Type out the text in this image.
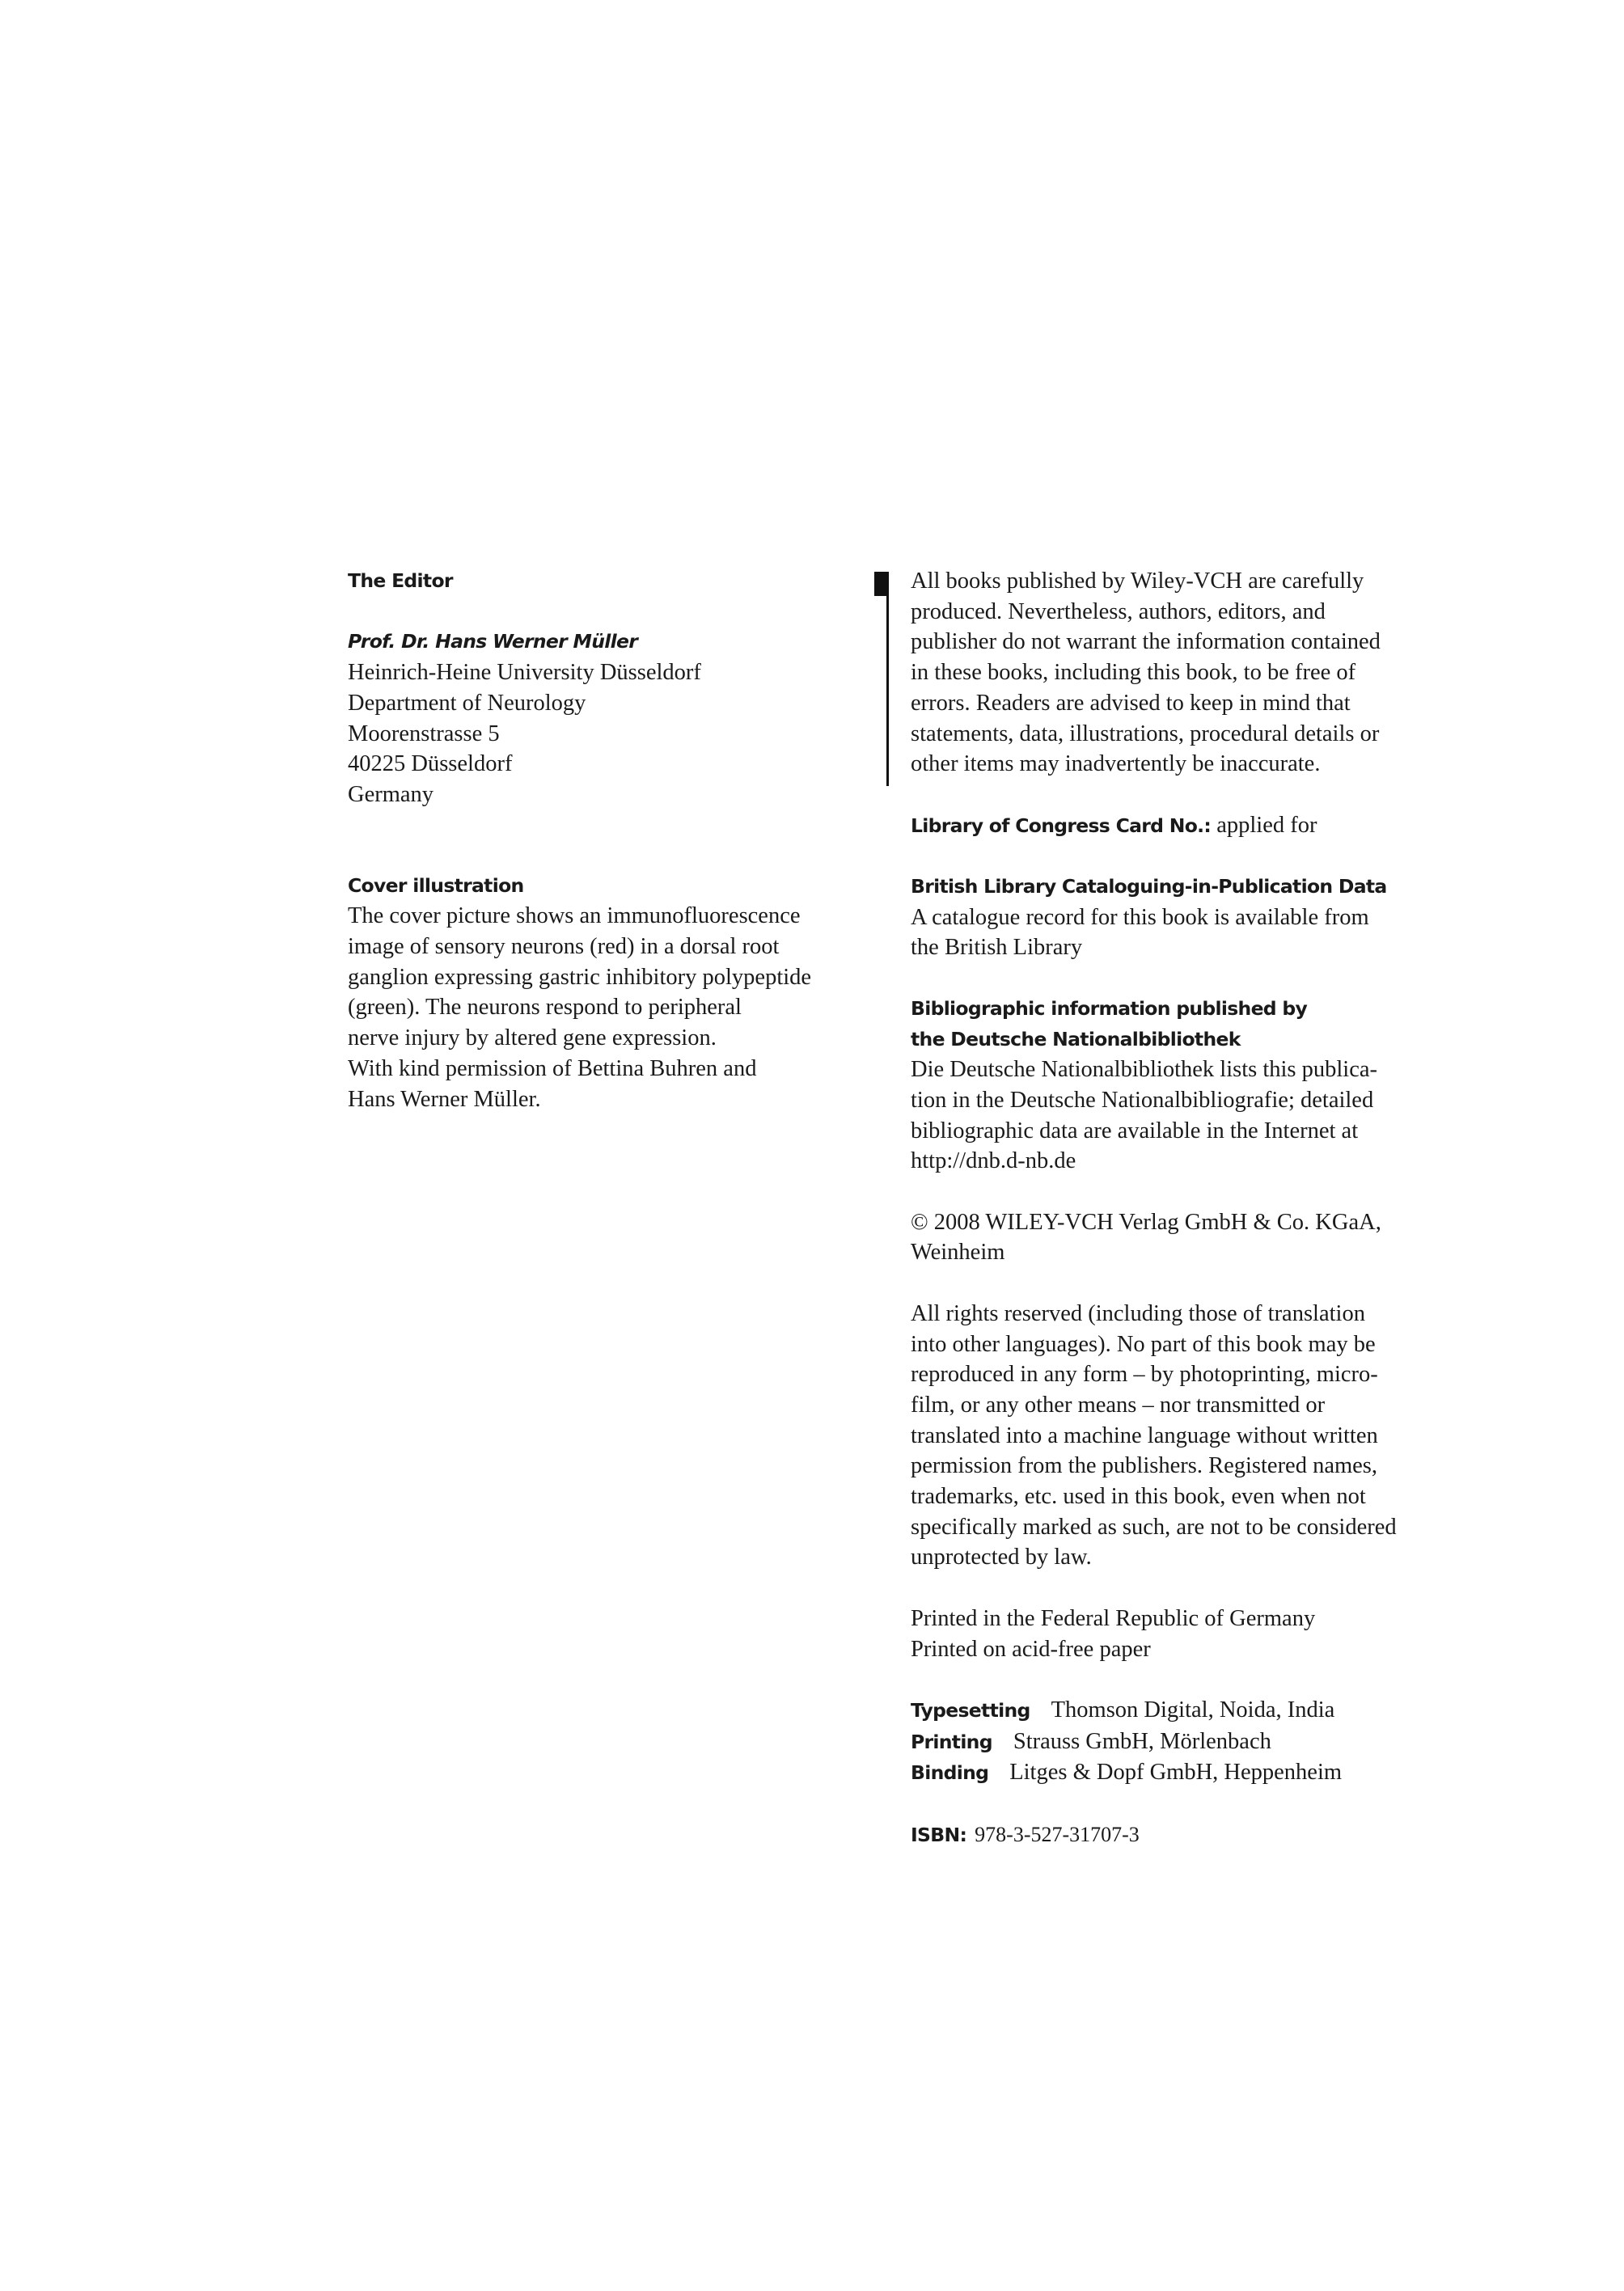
The Editor
Prof. Dr. Hans Werner Müller
Heinrich-Heine University Düsseldorf
Department of Neurology
Moorenstrasse 5
40225 Düsseldorf
Germany
Cover illustration
The cover picture shows an immunofluorescence
image of sensory neurons (red) in a dorsal root
ganglion expressing gastric inhibitory polypeptide
(green). The neurons respond to peripheral
nerve injury by altered gene expression.
With kind permission of Bettina Buhren and
Hans Werner Müller.
All books published by Wiley-VCH are carefully
produced. Nevertheless, authors, editors, and
publisher do not warrant the information contained
in these books, including this book, to be free of
errors. Readers are advised to keep in mind that
statements, data, illustrations, procedural details or
other items may inadvertently be inaccurate.
Library of Congress Card No.: applied for
British Library Cataloguing-in-Publication Data
A catalogue record for this book is available from
the British Library
Bibliographic information published by
the Deutsche Nationalbibliothek
Die Deutsche Nationalbibliothek lists this publica-
tion in the Deutsche Nationalbibliografie; detailed
bibliographic data are available in the Internet at
http://dnb.d-nb.de
© 2008 WILEY-VCH Verlag GmbH & Co. KGaA,
Weinheim
All rights reserved (including those of translation
into other languages). No part of this book may be
reproduced in any form – by photoprinting, micro-
film, or any other means – nor transmitted or
translated into a machine language without written
permission from the publishers. Registered names,
trademarks, etc. used in this book, even when not
specifically marked as such, are not to be considered
unprotected by law.
Printed in the Federal Republic of Germany
Printed on acid-free paper
Typesetting Thomson Digital, Noida, India
Printing Strauss GmbH, Mörlenbach
Binding Litges & Dopf GmbH, Heppenheim
ISBN: 978-3-527-31707-3
